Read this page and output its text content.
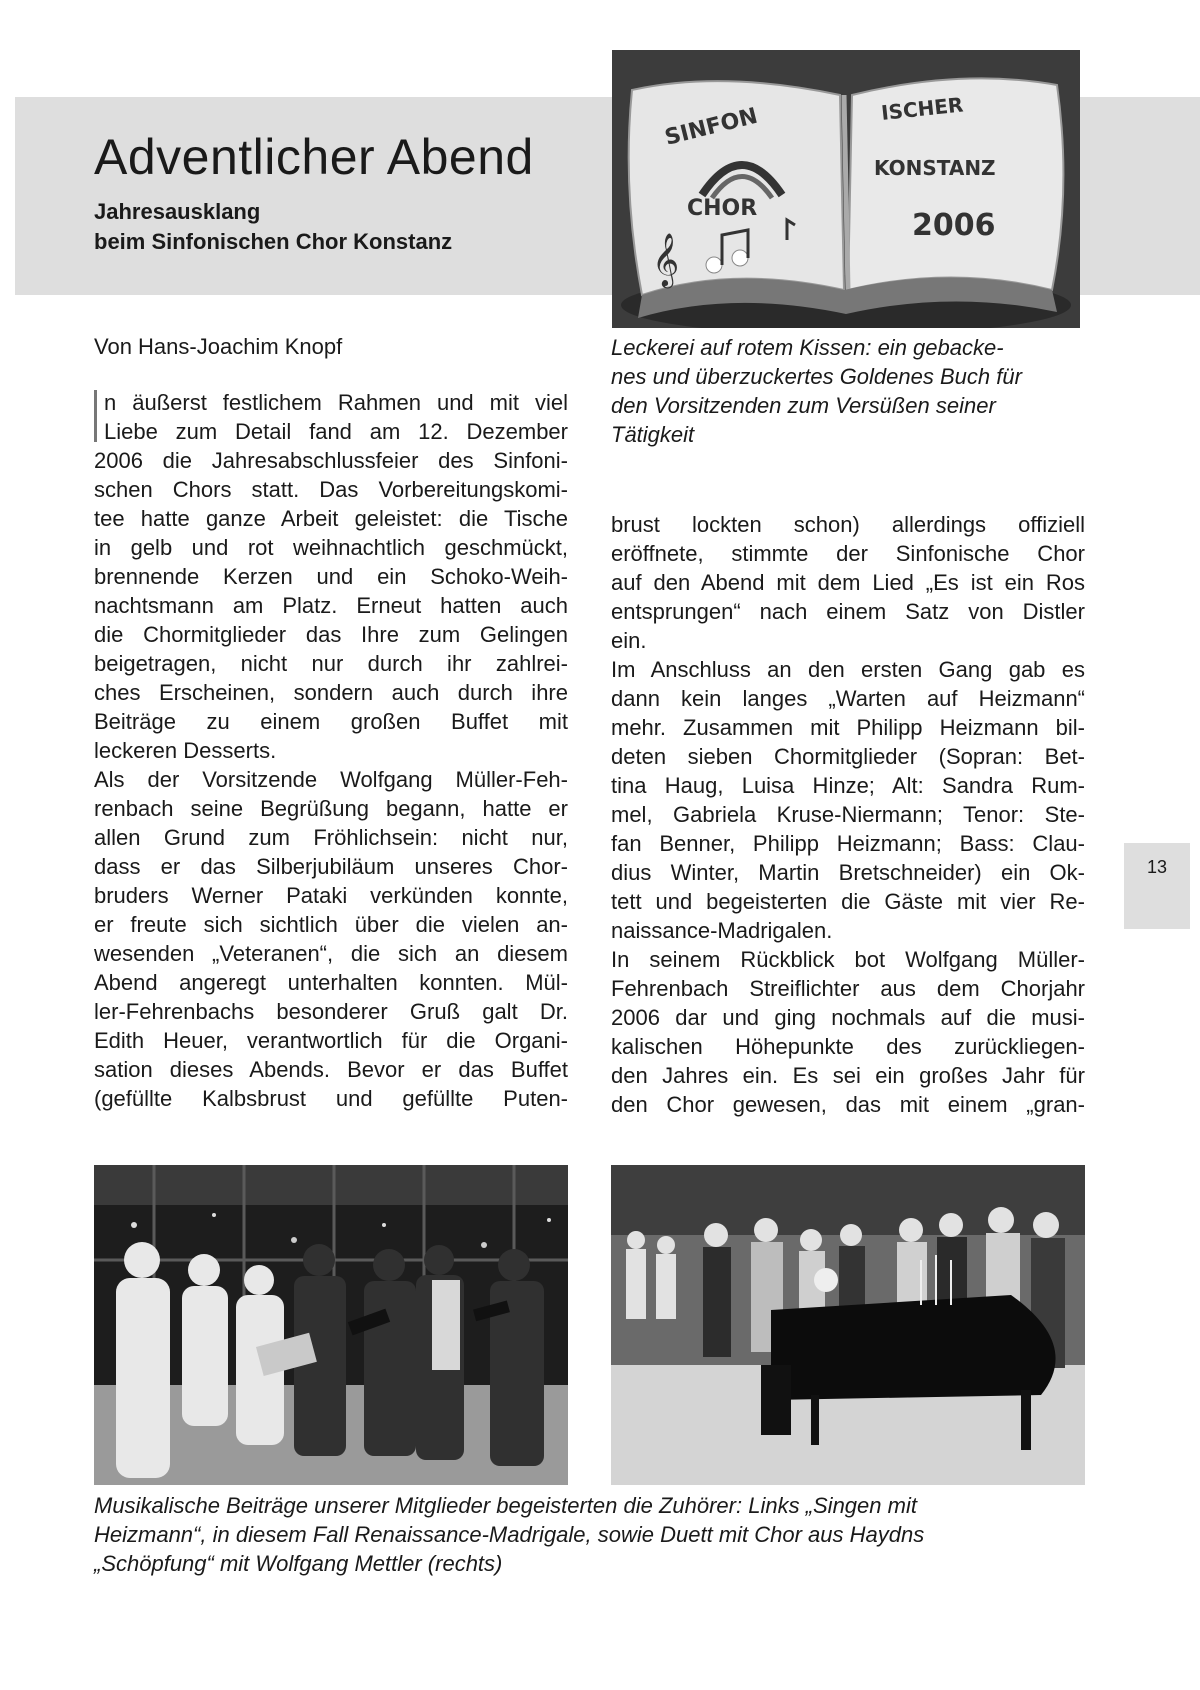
Adventlicher Abend
Jahresausklang
beim Sinfonischen Chor Konstanz
SINFON
CHOR
𝄞
ISCHER
KONSTANZ
2006
Leckerei auf rotem Kissen: ein gebacke-
nes und überzuckertes Goldenes Buch für
den Vorsitzenden zum Versüßen seiner
Tätigkeit

Von Hans-Joachim Knopf

n äußerst festlichem Rahmen und mit viel
Liebe zum Detail fand am 12. Dezember
2006 die Jahresabschlussfeier des Sinfoni-
schen Chors statt. Das Vorbereitungskomi-
tee hatte ganze Arbeit geleistet: die Tische
in gelb und rot weihnachtlich geschmückt,
brennende Kerzen und ein Schoko-Weih-
nachtsmann am Platz. Erneut hatten auch
die Chormitglieder das Ihre zum Gelingen
beigetragen, nicht nur durch ihr zahlrei-
ches Erscheinen, sondern auch durch ihre
Beiträge zu einem großen Buffet mit
leckeren Desserts.
Als der Vorsitzende Wolfgang Müller-Feh-
renbach seine Begrüßung begann, hatte er
allen Grund zum Fröhlichsein: nicht nur,
dass er das Silberjubiläum unseres Chor-
bruders Werner Pataki verkünden konnte,
er freute sich sichtlich über die vielen an-
wesenden „Veteranen“, die sich an diesem
Abend angeregt unterhalten konnten. Mül-
ler-Fehrenbachs besonderer Gruß galt Dr.
Edith Heuer, verantwortlich für die Organi-
sation dieses Abends. Bevor er das Buffet
(gefüllte Kalbsbrust und gefüllte Puten-
brust lockten schon) allerdings offiziell
eröffnete, stimmte der Sinfonische Chor
auf den Abend mit dem Lied „Es ist ein Ros
entsprungen“ nach einem Satz von Distler
ein.
Im Anschluss an den ersten Gang gab es
dann kein langes „Warten auf Heizmann“
mehr. Zusammen mit Philipp Heizmann bil-
deten sieben Chormitglieder (Sopran: Bet-
tina Haug, Luisa Hinze; Alt: Sandra Rum-
mel, Gabriela Kruse-Niermann; Tenor: Ste-
fan Benner, Philipp Heizmann; Bass: Clau-
dius Winter, Martin Bretschneider) ein Ok-
tett und begeisterten die Gäste mit vier Re-
naissance-Madrigalen.
In seinem Rückblick bot Wolfgang Müller-
Fehrenbach Streiflichter aus dem Chorjahr
2006 dar und ging nochmals auf die musi-
kalischen Höhepunkte des zurückliegen-
den Jahres ein. Es sei ein großes Jahr für
den Chor gewesen, das mit einem „gran-
13
Musikalische Beiträge unserer Mitglieder begeisterten die Zuhörer: Links „Singen mit
Heizmann“, in diesem Fall Renaissance-Madrigale, sowie Duett mit Chor aus Haydns
„Schöpfung“ mit Wolfgang Mettler (rechts)
